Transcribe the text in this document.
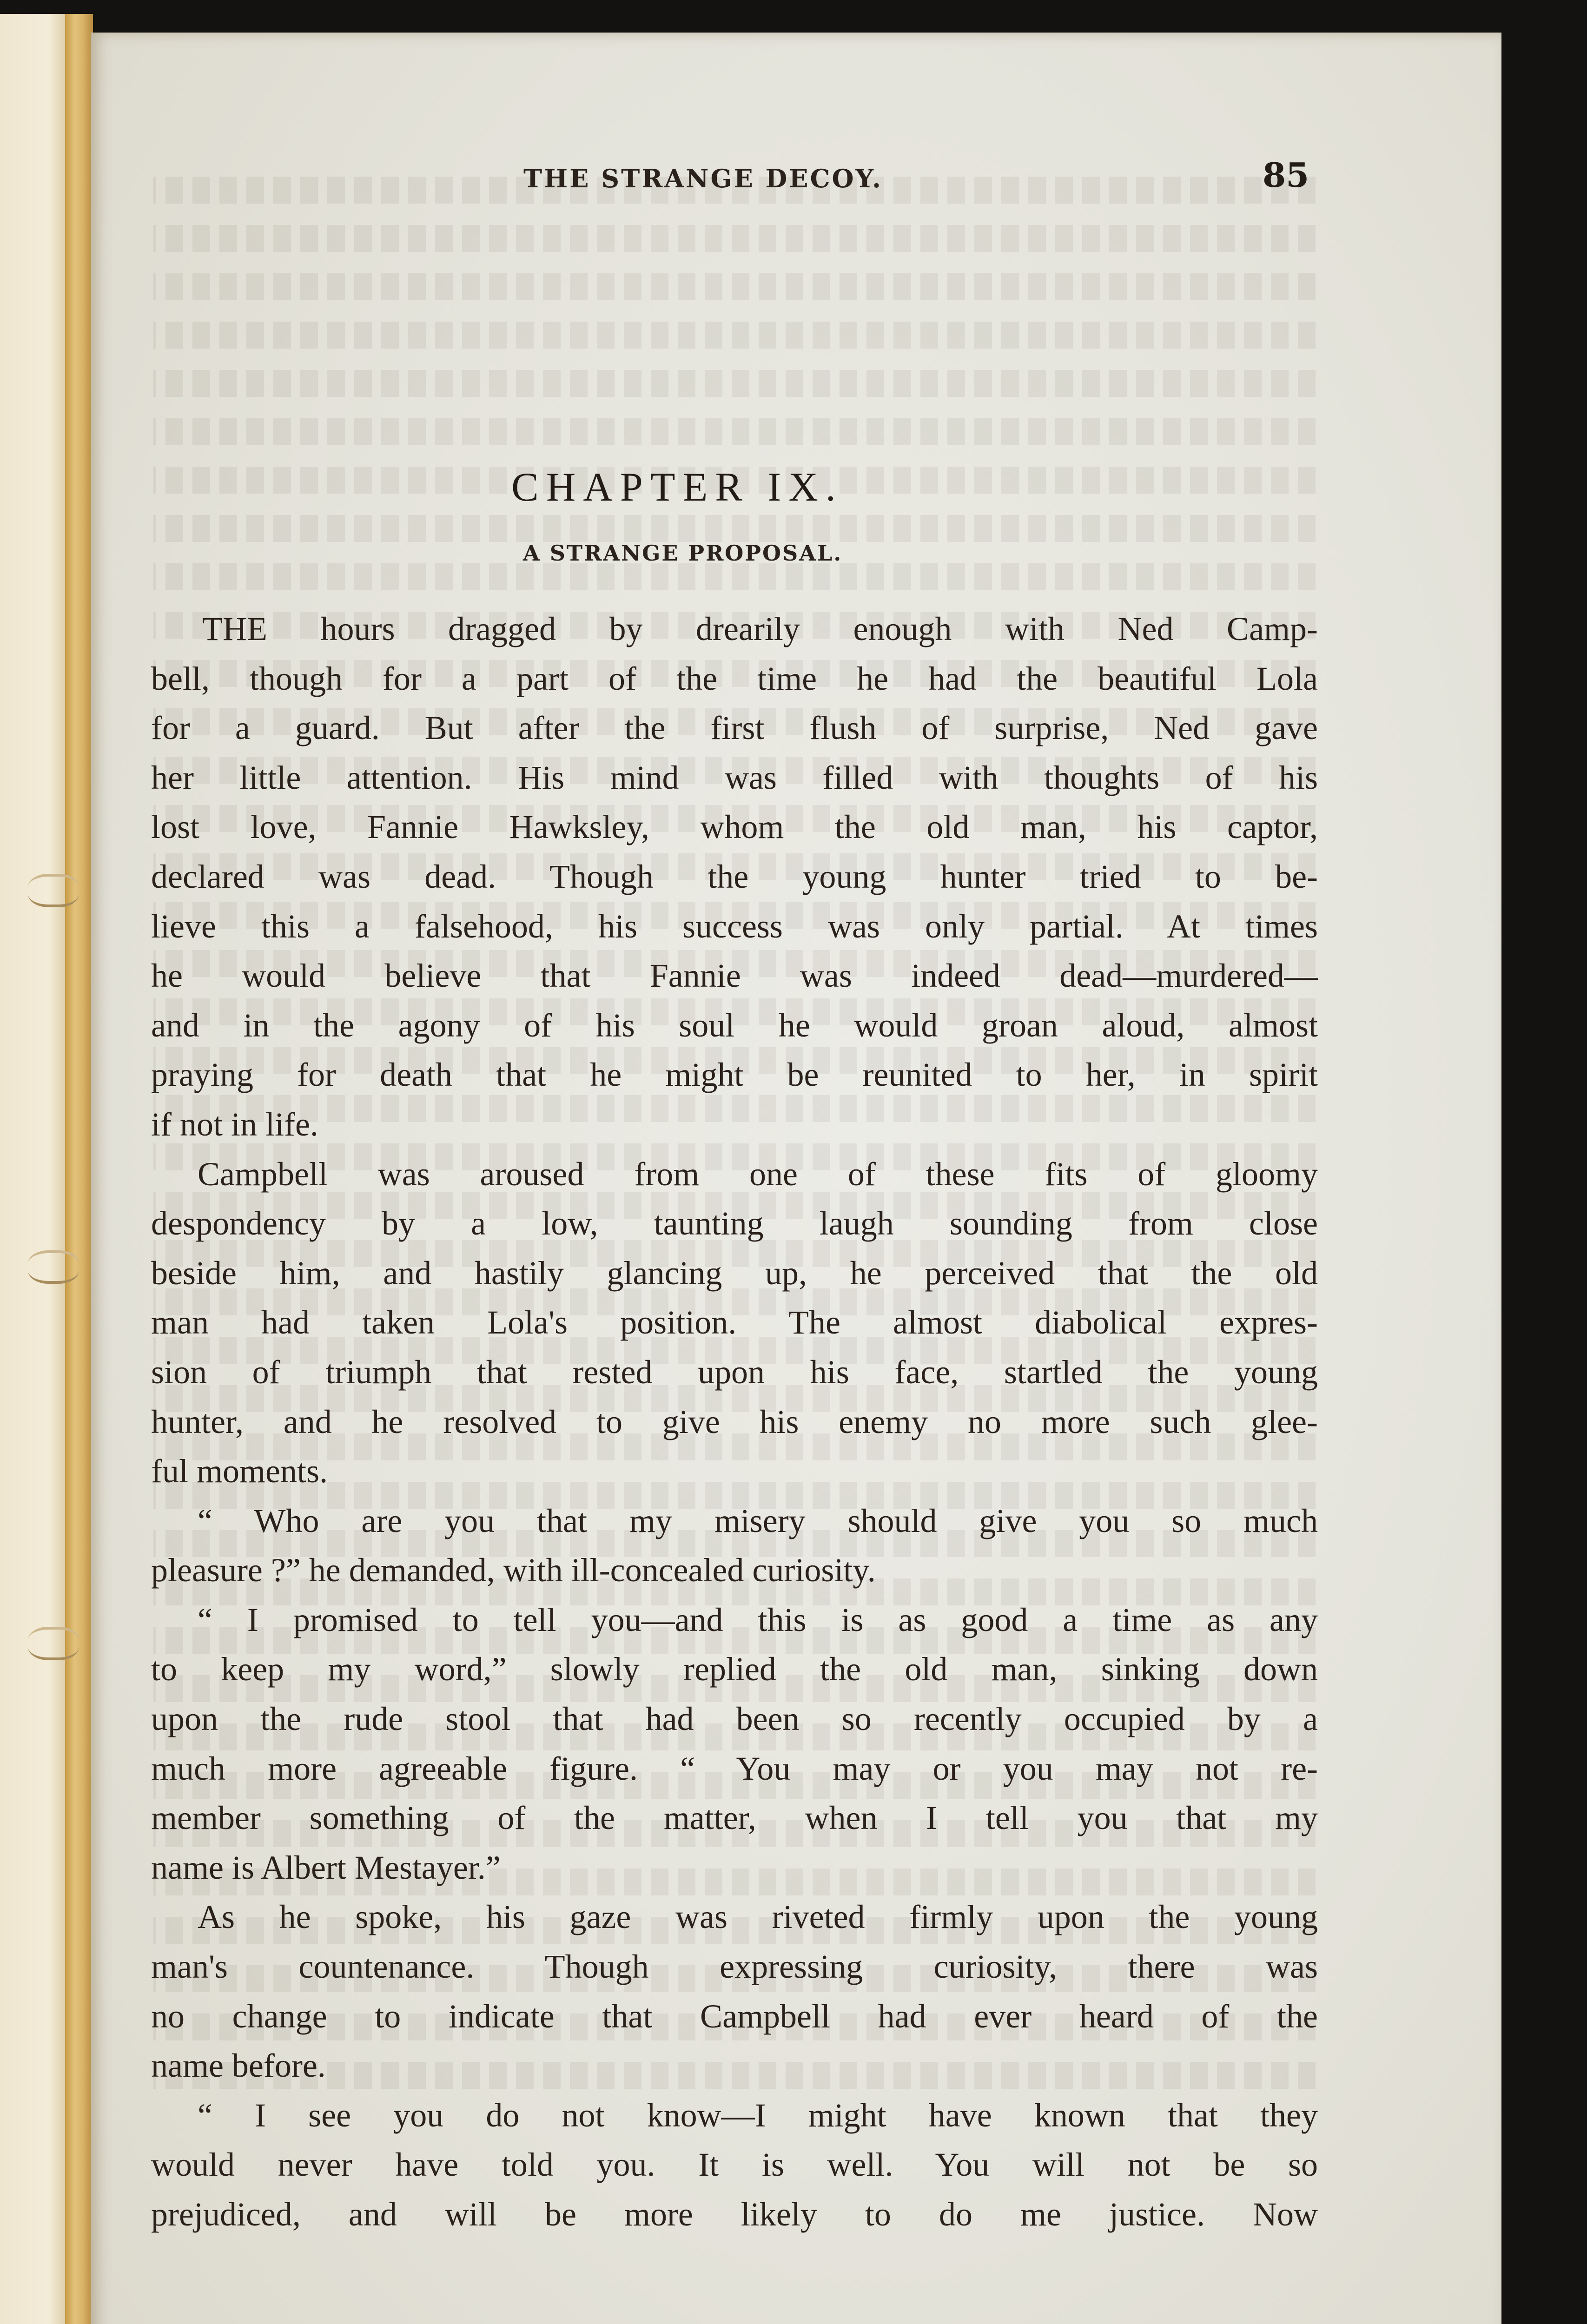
THE STRANGE DECOY.	85
CHAPTER IX.
A STRANGE PROPOSAL.
THE hours dragged by drearily enough with Ned Camp-
bell, though for a part of the time he had the beautiful Lola
for a guard. But after the first flush of surprise, Ned gave
her little attention. His mind was filled with thoughts of his
lost love, Fannie Hawksley, whom the old man, his captor,
declared was dead. Though the young hunter tried to be-
lieve this a falsehood, his success was only partial. At times
he would believe that Fannie was indeed dead—murdered—
and in the agony of his soul he would groan aloud, almost
praying for death that he might be reunited to her, in spirit
if not in life.
Campbell was aroused from one of these fits of gloomy
despondency by a low, taunting laugh sounding from close
beside him, and hastily glancing up, he perceived that the old
man had taken Lola's position. The almost diabolical expres-
sion of triumph that rested upon his face, startled the young
hunter, and he resolved to give his enemy no more such glee-
ful moments.
“ Who are you that my misery should give you so much
pleasure ?” he demanded, with ill-concealed curiosity.
“ I promised to tell you—and this is as good a time as any
to keep my word,” slowly replied the old man, sinking down
upon the rude stool that had been so recently occupied by a
much more agreeable figure. “ You may or you may not re-
member something of the matter, when I tell you that my
name is Albert Mestayer.”
As he spoke, his gaze was riveted firmly upon the young
man's countenance. Though expressing curiosity, there was
no change to indicate that Campbell had ever heard of the
name before.
“ I see you do not know—I might have known that they
would never have told you. It is well. You will not be so
prejudiced, and will be more likely to do me justice. Now
